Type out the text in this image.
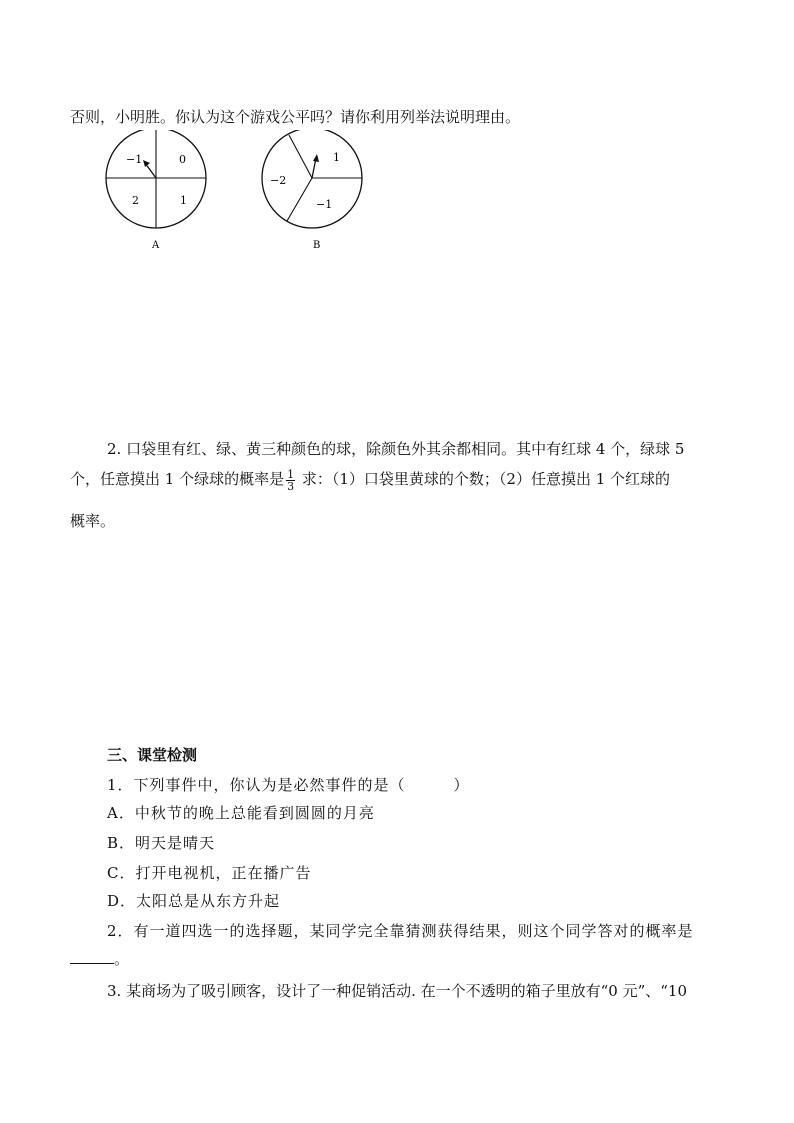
否则，小明胜。你认为这个游戏公平吗？请你利用列举法说明理由。
−1	0
2	1
A
1
−2
−1
B
2. 口袋里有红、绿、黄三种颜色的球，除颜色外其余都相同。其中有红球 4 个，绿球 5
个，任意摸出 1 个绿球的概率是 $\frac{1}{3}$ 求：（1）口袋里黄球的个数；（2）任意摸出 1 个红球的
概率。
三、课堂检测
1．下列事件中，你认为是必然事件的是（　　　）
A．中秋节的晚上总能看到圆圆的月亮
B．明天是晴天
C．打开电视机，正在播广告
D．太阳总是从东方升起
2．有一道四选一的选择题，某同学完全靠猜测获得结果，则这个同学答对的概率是
。
3. 某商场为了吸引顾客，设计了一种促销活动. 在一个不透明的箱子里放有“0 元”、“10
